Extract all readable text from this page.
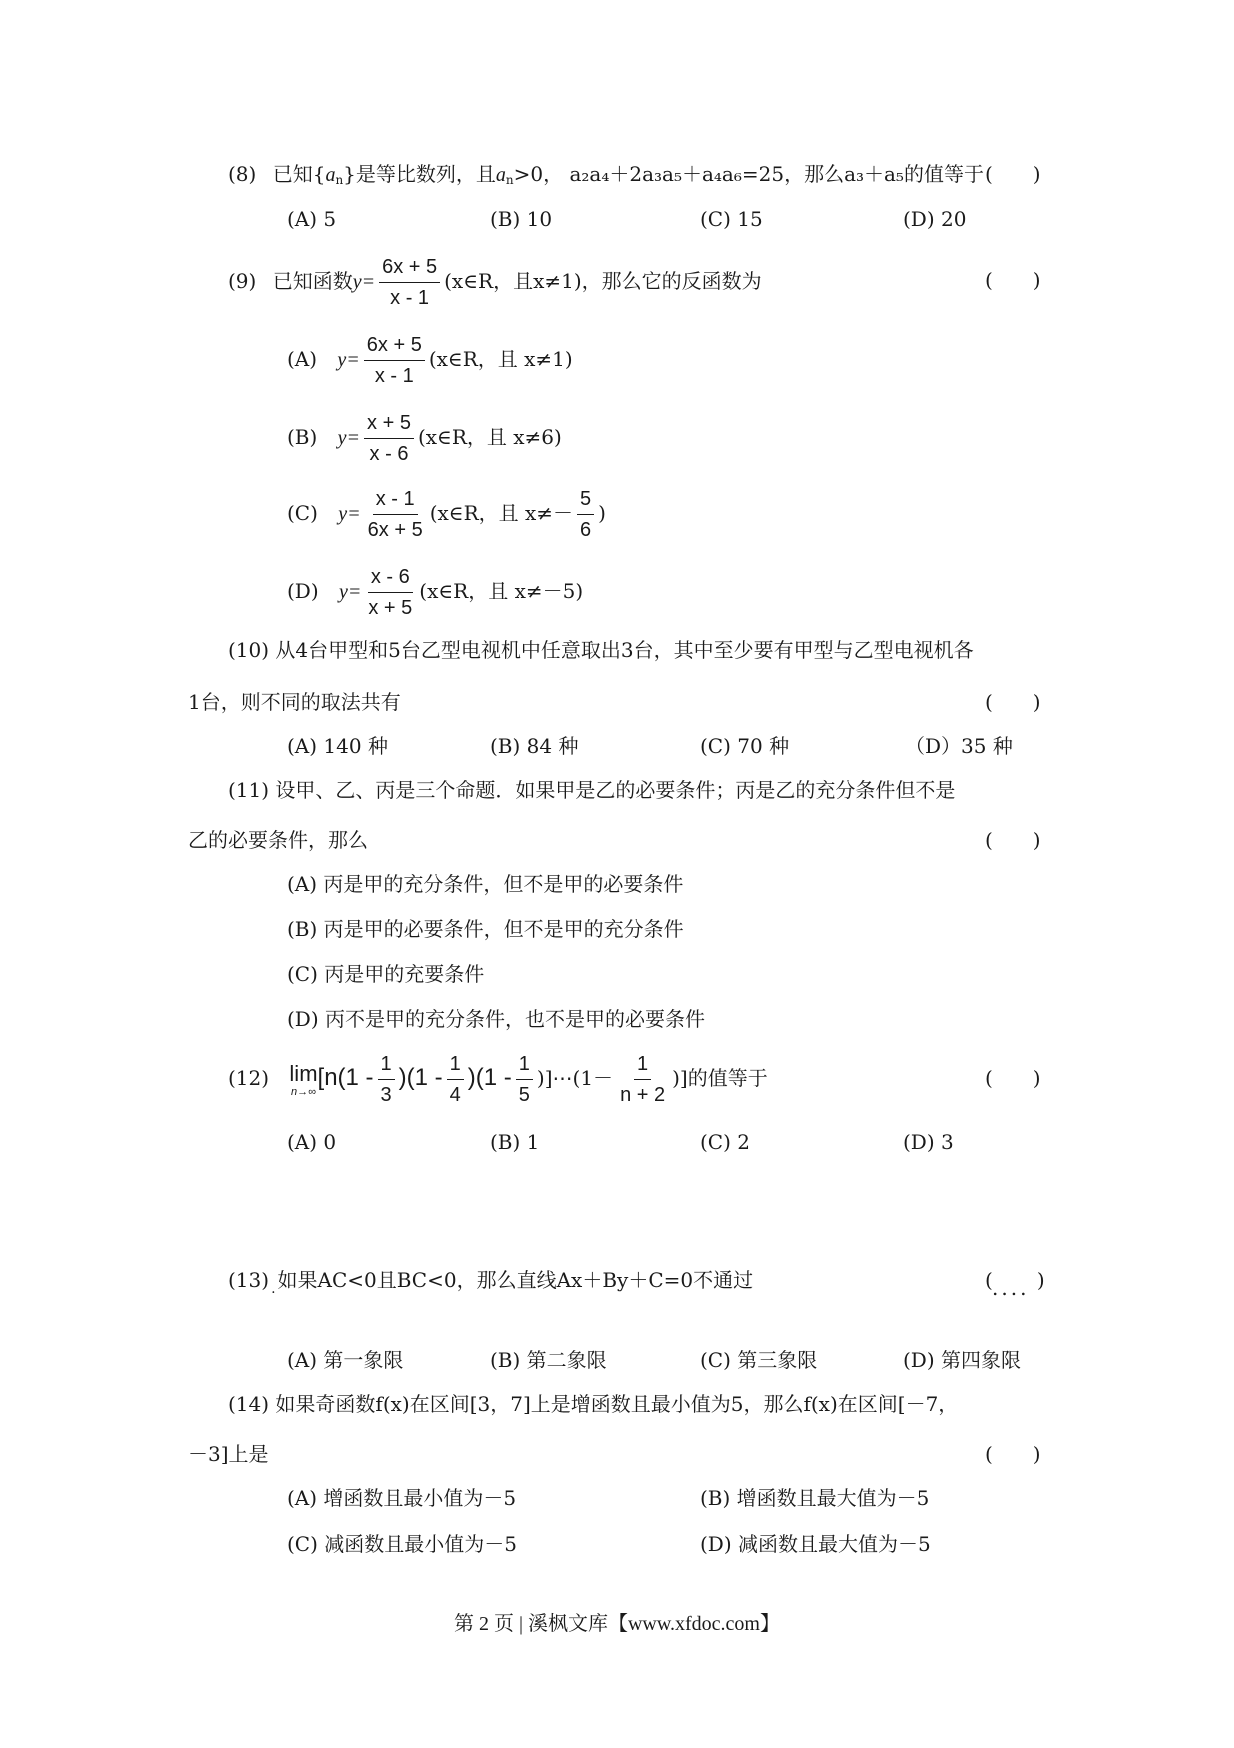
(8) 已知$\{a_n\}$是等比数列，且$a_n>0$， a₂a₄＋2a₃a₅＋a₄a₆=25，那么a₃＋a₅的值等于 (　　)
(A) 5	(B) 10	(C) 15	(D) 20
(9) 已知函数$y= \frac{6x + 5}{x - 1}$ (x∈R，且x≠1)，那么它的反函数为	(　　)
(A) $y= \frac{6x + 5}{x - 1}$ (x∈R，且 x≠1)
(B) $y= \frac{x + 5}{x - 6}$ (x∈R，且 x≠6)
(C) $y= \frac{x - 1}{6x + 5}$ (x∈R，且 $x\ne- \frac{5}{6}$ )
(D) $y= \frac{x - 6}{x + 5}$ (x∈R，且 x≠－5)
(10) 从4台甲型和5台乙型电视机中任意取出3台，其中至少要有甲型与乙型电视机各
1台，则不同的取法共有	(　　)
(A) 140 种	(B) 84 种	(C) 70 种	（D）35 种
(11) 设甲、乙、丙是三个命题．如果甲是乙的必要条件；丙是乙的充分条件但不是
乙的必要条件，那么	(　　)
(A) 丙是甲的充分条件，但不是甲的必要条件
(B) 丙是甲的必要条件，但不是甲的充分条件
(C) 丙是甲的充要条件
(D) 丙不是甲的充分条件，也不是甲的必要条件
(12) lim
n→∞
[$n(1 - \frac{1}{3} )(1 - \frac{1}{4} )(1 - \frac{1}{5}$ )]⋯(1－ $\frac{1}{n + 2}$ )]的值等于	(　　)
(A) 0	(B) 1	(C) 2	(D) 3
(13) $_.$ 如果AC<0且BC<0，那么直线Ax＋By＋C=0不通过	( )
....
(A) 第一象限	(B) 第二象限	(C) 第三象限	(D) 第四象限
(14) 如果奇函数f(x)在区间[3，7]上是增函数且最小值为5，那么f(x)在区间[－7，
－3]上是	(　　)
(A) 增函数且最小值为－5	(B) 增函数且最大值为－5
(C) 减函数且最小值为－5	(D) 减函数且最大值为－5
第 2 页 | 溪枫文库【www.xfdoc.com】
